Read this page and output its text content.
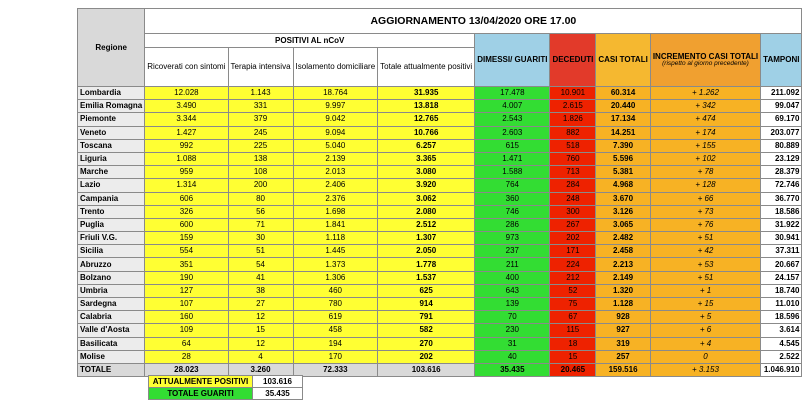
Regione	AGGIORNAMENTO 13/04/2020 ORE 17.00								
	POSITIVI AL nCoV				DIMESSI/ GUARITI	DECEDUTI	CASI TOTALI	INCREMENTO CASI TOTALI
(rispetto al giorno precedente)	TAMPONI
	Ricoverati con sintomi	Terapia intensiva	Isolamento domiciliare	Totale attualmente positivi					
Lombardia	12.028	1.143	18.764	31.935	17.478	10.901	60.314	+ 1.262	211.092
Emilia Romagna	3.490	331	9.997	13.818	4.007	2.615	20.440	+ 342	99.047
Piemonte	3.344	379	9.042	12.765	2.543	1.826	17.134	+ 474	69.170
Veneto	1.427	245	9.094	10.766	2.603	882	14.251	+ 174	203.077
Toscana	992	225	5.040	6.257	615	518	7.390	+ 155	80.889
Liguria	1.088	138	2.139	3.365	1.471	760	5.596	+ 102	23.129
Marche	959	108	2.013	3.080	1.588	713	5.381	+ 78	28.379
Lazio	1.314	200	2.406	3.920	764	284	4.968	+ 128	72.746
Campania	606	80	2.376	3.062	360	248	3.670	+ 66	36.770
Trento	326	56	1.698	2.080	746	300	3.126	+ 73	18.586
Puglia	600	71	1.841	2.512	286	267	3.065	+ 76	31.922
Friuli V.G.	159	30	1.118	1.307	973	202	2.482	+ 51	30.941
Sicilia	554	51	1.445	2.050	237	171	2.458	+ 42	37.311
Abruzzo	351	54	1.373	1.778	211	224	2.213	+ 53	20.667
Bolzano	190	41	1.306	1.537	400	212	2.149	+ 51	24.157
Umbria	127	38	460	625	643	52	1.320	+ 1	18.740
Sardegna	107	27	780	914	139	75	1.128	+ 15	11.010
Calabria	160	12	619	791	70	67	928	+ 5	18.596
Valle d'Aosta	109	15	458	582	230	115	927	+ 6	3.614
Basilicata	64	12	194	270	31	18	319	+ 4	4.545
Molise	28	4	170	202	40	15	257	0	2.522
TOTALE	28.023	3.260	72.333	103.616	35.435	20.465	159.516	+ 3.153	1.046.910
ATTUALMENTE POSITIVI	103.616
TOTALE GUARITI	35.435
